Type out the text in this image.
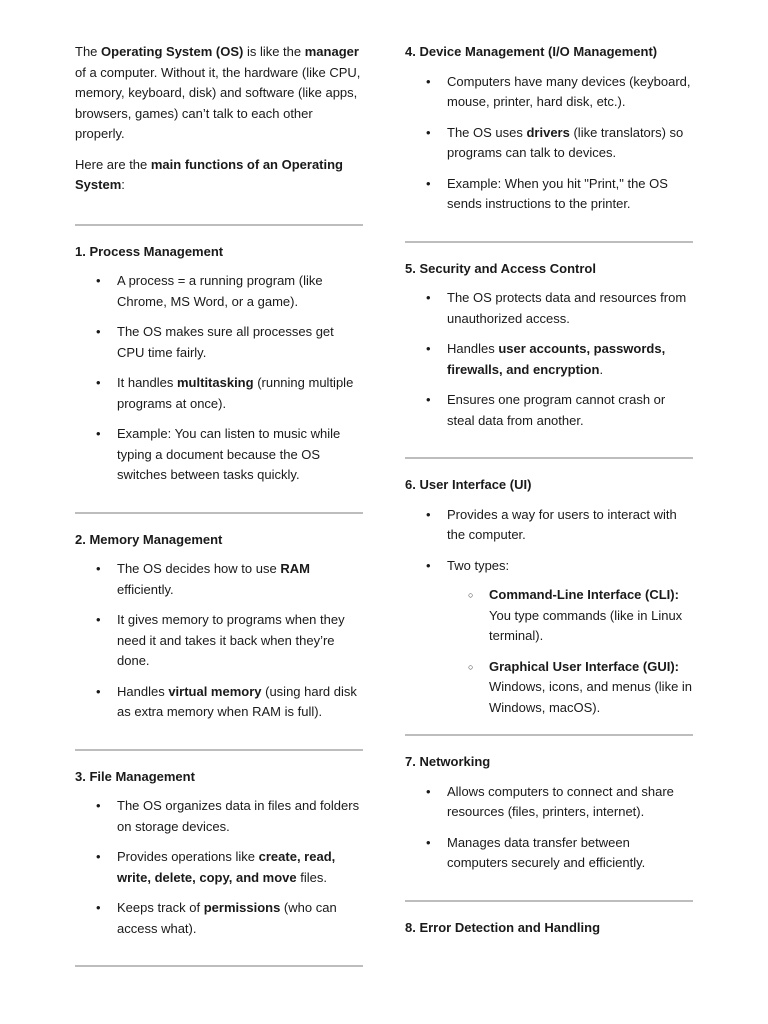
The Operating System (OS) is like the manager of a computer. Without it, the hardware (like CPU, memory, keyboard, disk) and software (like apps, browsers, games) can’t talk to each other properly.

Here are the main functions of an Operating System:

1. Process Management
• A process = a running program (like Chrome, MS Word, or a game).
• The OS makes sure all processes get CPU time fairly.
• It handles multitasking (running multiple programs at once).
• Example: You can listen to music while typing a document because the OS switches between tasks quickly.
2. Memory Management
• The OS decides how to use RAM efficiently.
• It gives memory to programs when they need it and takes it back when they’re done.
• Handles virtual memory (using hard disk as extra memory when RAM is full).
3. File Management
• The OS organizes data in files and folders on storage devices.
• Provides operations like create, read, write, delete, copy, and move files.
• Keeps track of permissions (who can access what).
4. Device Management (I/O Management)
• Computers have many devices (keyboard, mouse, printer, hard disk, etc.).
• The OS uses drivers (like translators) so programs can talk to devices.
• Example: When you hit "Print," the OS sends instructions to the printer.
5. Security and Access Control
• The OS protects data and resources from unauthorized access.
• Handles user accounts, passwords, firewalls, and encryption.
• Ensures one program cannot crash or steal data from another.
6. User Interface (UI)
• Provides a way for users to interact with the computer.
• Two types:
○ Command-Line Interface (CLI): You type commands (like in Linux terminal).
○ Graphical User Interface (GUI): Windows, icons, and menus (like in Windows, macOS).
7. Networking
• Allows computers to connect and share resources (files, printers, internet).
• Manages data transfer between computers securely and efficiently.
8. Error Detection and Handling
